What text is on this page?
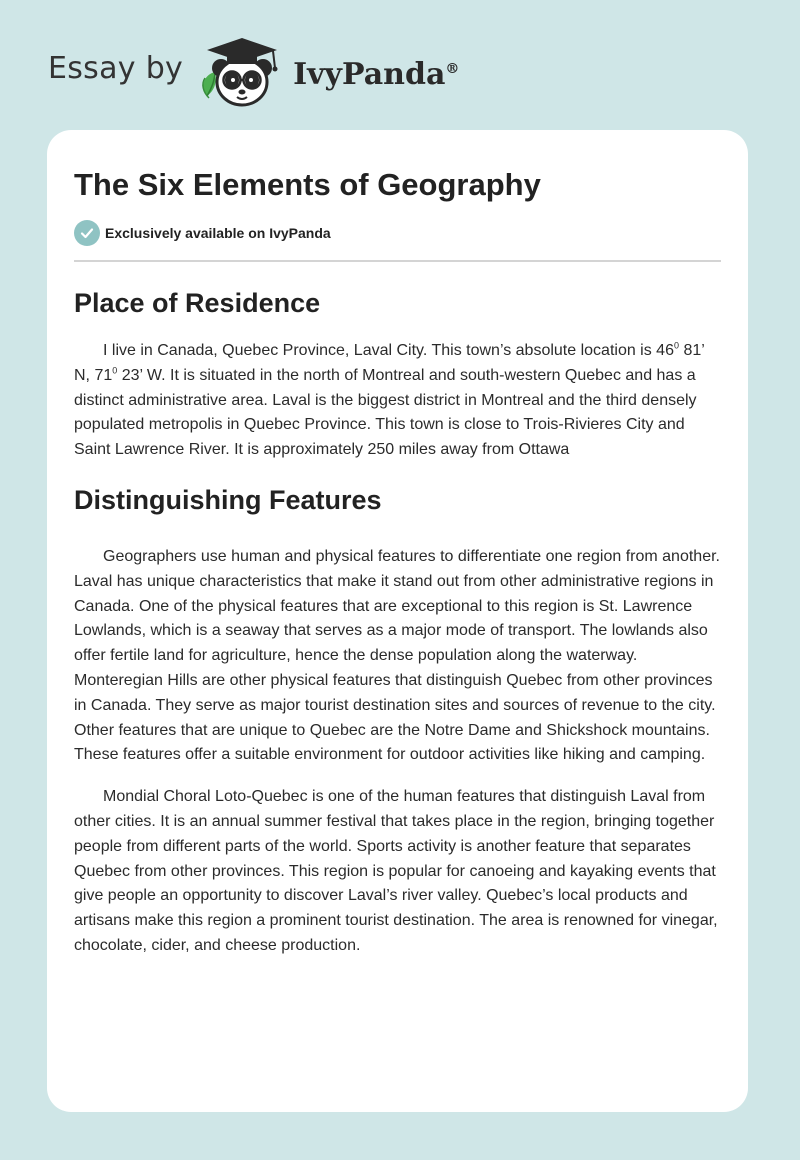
Essay by	IvyPanda®
The Six Elements of Geography
Exclusively available on IvyPanda
Place of Residence

I live in Canada, Quebec Province, Laval City. This town’s absolute location is $46^0$ 81’ N, $71^0$ 23’ W. It is situated in the north of Montreal and south-western Quebec and has a distinct administrative area. Laval is the biggest district in Montreal and the third densely populated metropolis in Quebec Province. This town is close to Trois-Rivieres City and Saint Lawrence River. It is approximately 250 miles away from Ottawa

Distinguishing Features

Geographers use human and physical features to differentiate one region from another. Laval has unique characteristics that make it stand out from other administrative regions in Canada. One of the physical features that are exceptional to this region is St. Lawrence Lowlands, which is a seaway that serves as a major mode of transport. The lowlands also offer fertile land for agriculture, hence the dense population along the waterway. Monteregian Hills are other physical features that distinguish Quebec from other provinces in Canada. They serve as major tourist destination sites and sources of revenue to the city. Other features that are unique to Quebec are the Notre Dame and Shickshock mountains. These features offer a suitable environment for outdoor activities like hiking and camping.

Mondial Choral Loto-Quebec is one of the human features that distinguish Laval from other cities. It is an annual summer festival that takes place in the region, bringing together people from different parts of the world. Sports activity is another feature that separates Quebec from other provinces. This region is popular for canoeing and kayaking events that give people an opportunity to discover Laval’s river valley. Quebec’s local products and artisans make this region a prominent tourist destination. The area is renowned for vinegar, chocolate, cider, and cheese production.
